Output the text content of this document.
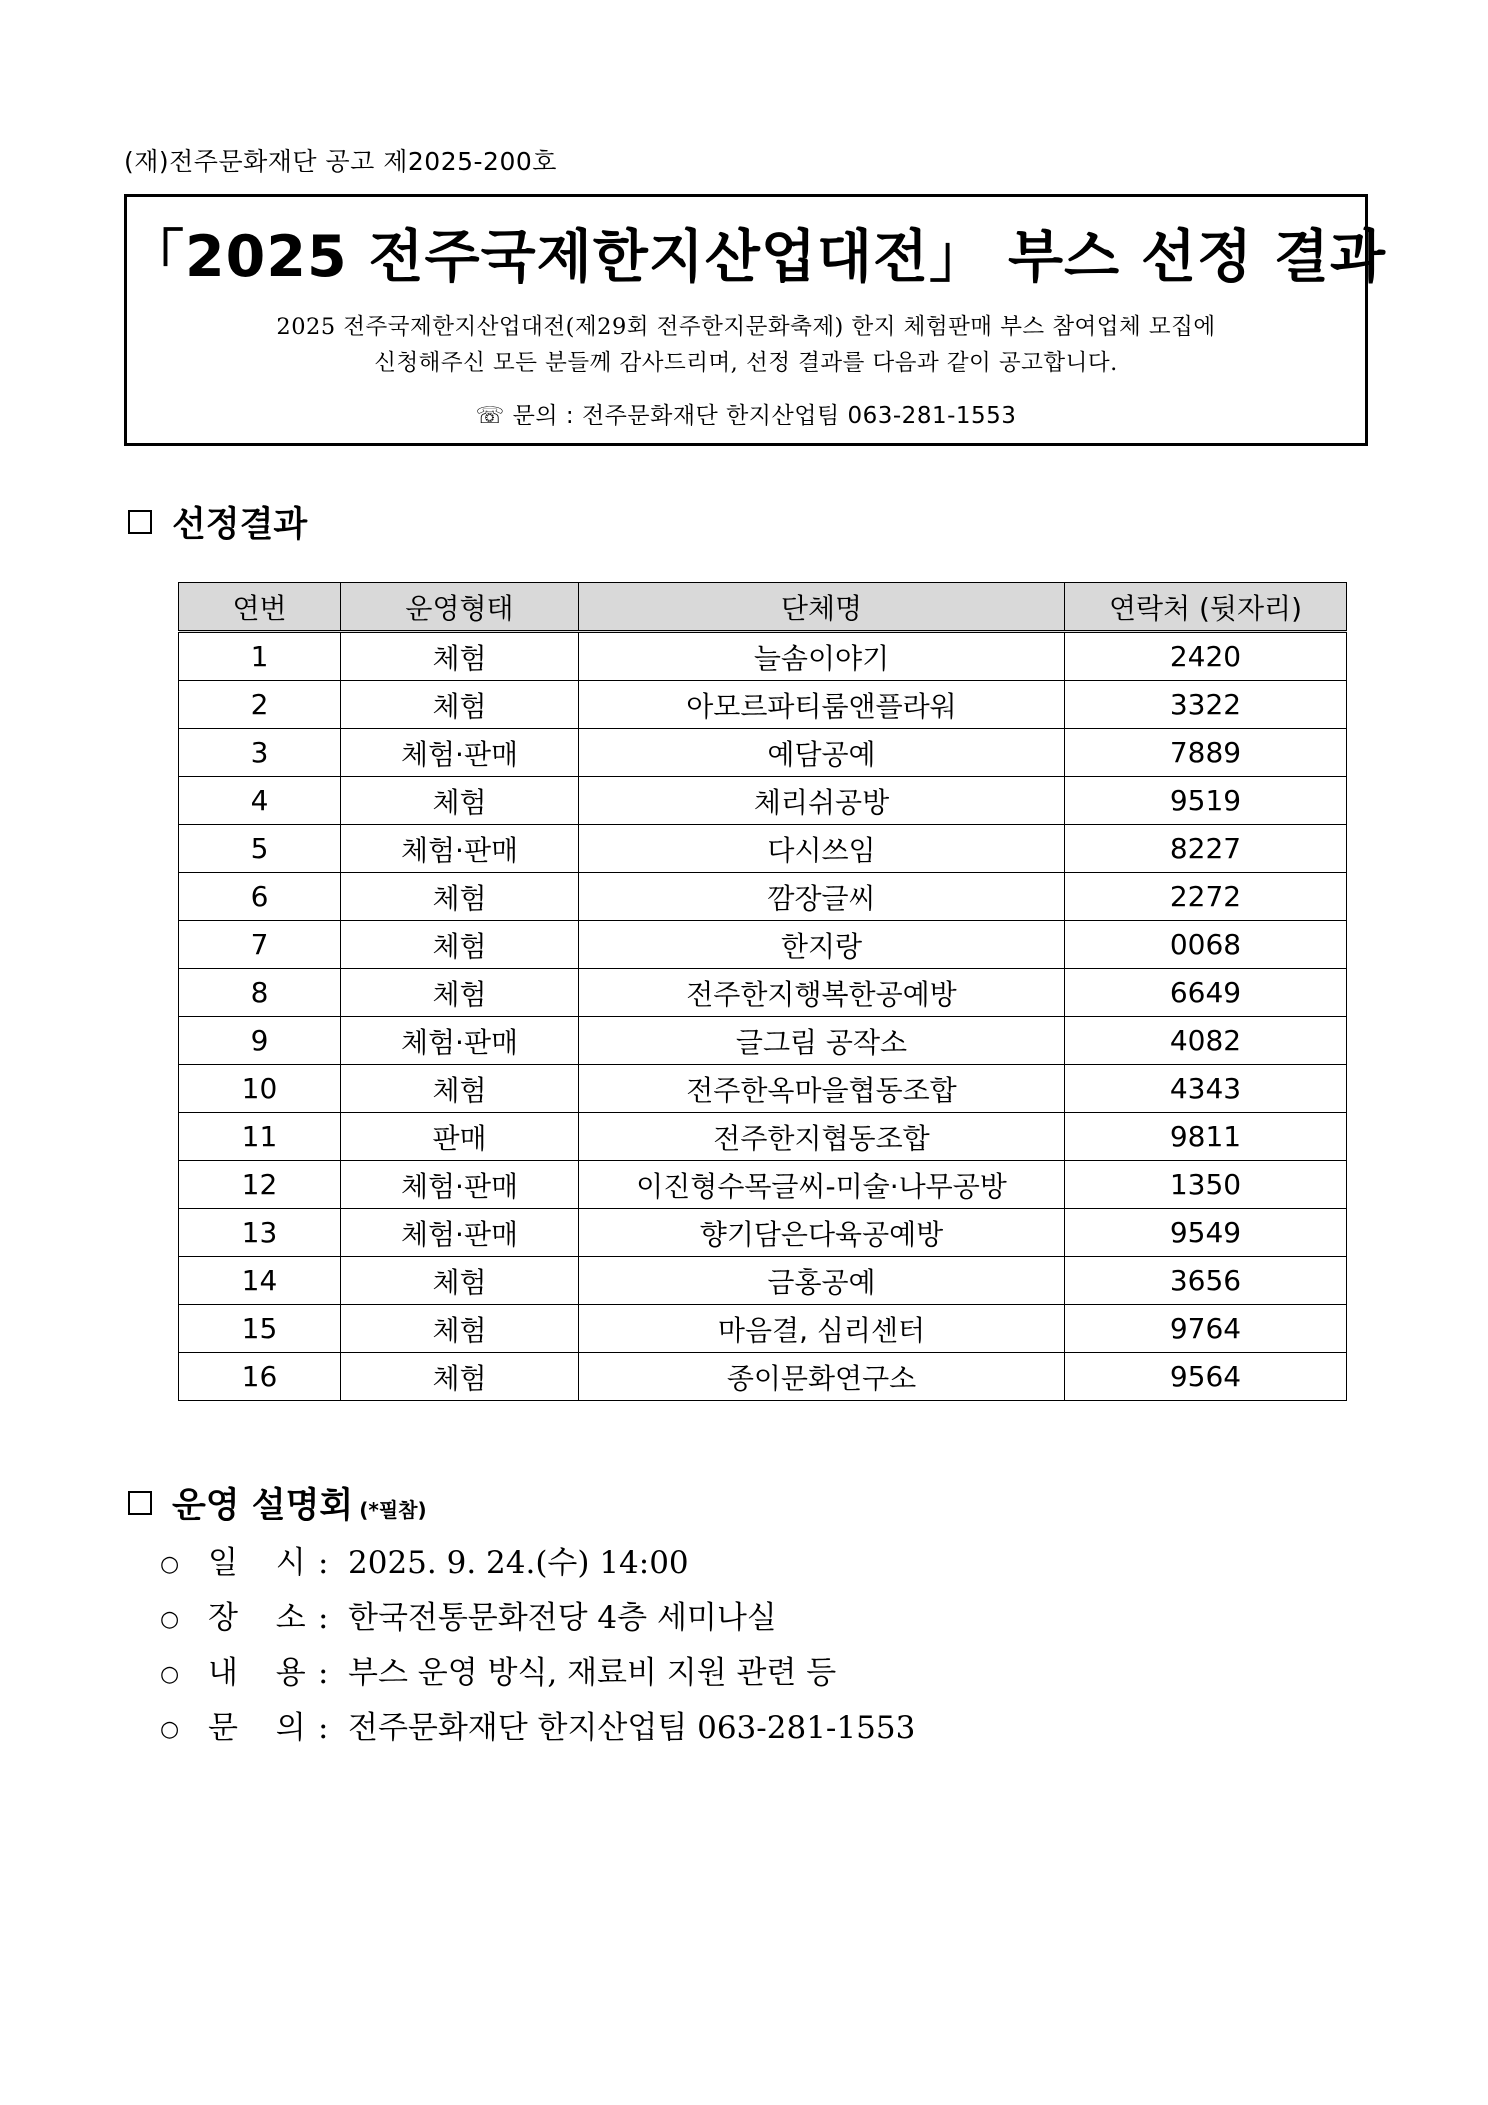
(재)전주문화재단 공고 제2025-200호
「2025 전주국제한지산업대전」 부스 선정 결과
2025 전주국제한지산업대전(제29회 전주한지문화축제) 한지 체험판매 부스 참여업체 모집에
신청해주신 모든 분들께 감사드리며, 선정 결과를 다음과 같이 공고합니다.
☏ 문의 : 전주문화재단 한지산업팀 063-281-1553
선정결과
연번	운영형태	단체명	연락처 (뒷자리)
1	체험	늘솜이야기	2420
2	체험	아모르파티룸앤플라워	3322
3	체험·판매	예담공예	7889
4	체험	체리쉬공방	9519
5	체험·판매	다시쓰임	8227
6	체험	깜장글씨	2272
7	체험	한지랑	0068
8	체험	전주한지행복한공예방	6649
9	체험·판매	글그림 공작소	4082
10	체험	전주한옥마을협동조합	4343
11	판매	전주한지협동조합	9811
12	체험·판매	이진형수목글씨-미술·나무공방	1350
13	체험·판매	향기담은다육공예방	9549
14	체험	금홍공예	3656
15	체험	마음결, 심리센터	9764
16	체험	종이문화연구소	9564
운영 설명회 (*필참)
○ 일 시: 2025. 9. 24.(수) 14:00
○ 장 소: 한국전통문화전당 4층 세미나실
○ 내 용: 부스 운영 방식, 재료비 지원 관련 등
○ 문 의: 전주문화재단 한지산업팀 063-281-1553
